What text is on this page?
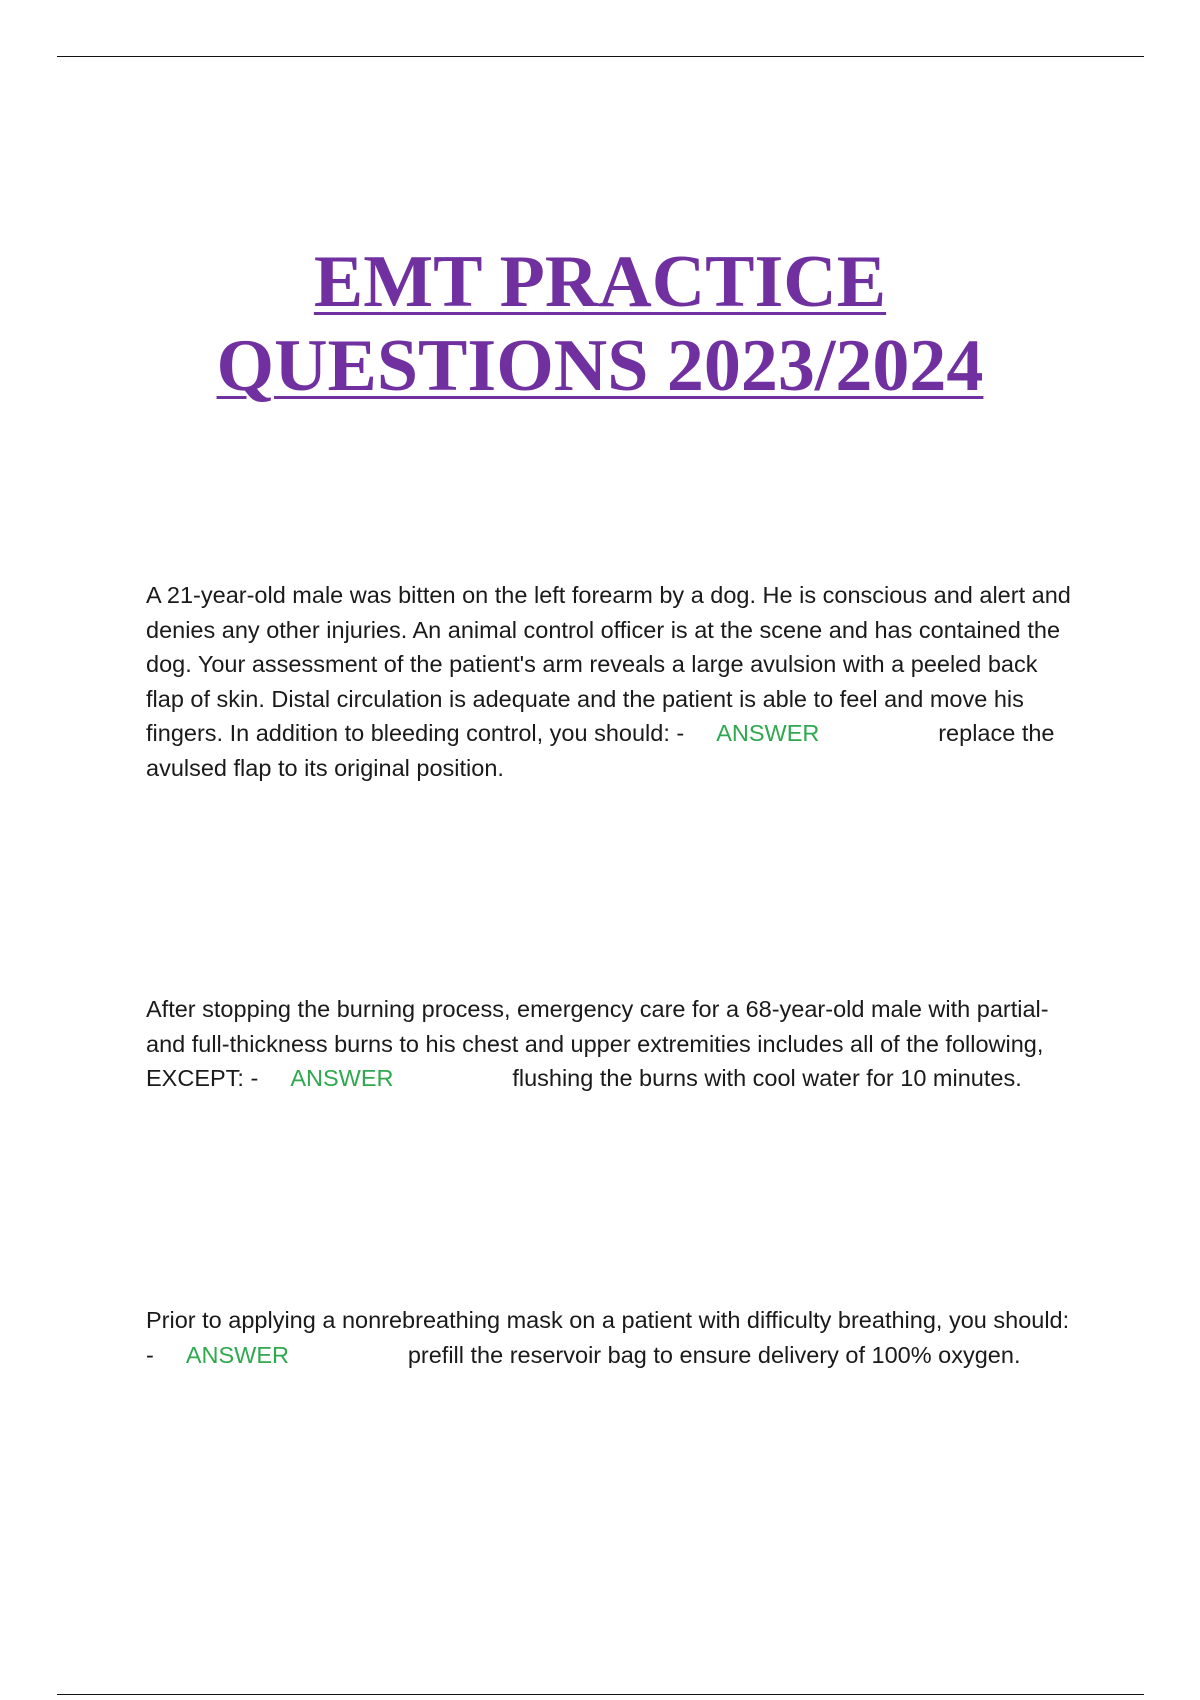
EMT PRACTICE
QUESTIONS 2023/2024

A 21-year-old male was bitten on the left forearm by a dog. He is conscious and alert and denies any other injuries. An animal control officer is at the scene and has contained the dog. Your assessment of the patient's arm reveals a large avulsion with a peeled back flap of skin. Distal circulation is adequate and the patient is able to feel and move his fingers. In addition to bleeding control, you should: - ANSWER	replace the avulsed flap to its original position.

After stopping the burning process, emergency care for a 68-year-old male with partial- and full-thickness burns to his chest and upper extremities includes all of the following, EXCEPT: - ANSWER	flushing the burns with cool water for 10 minutes.

Prior to applying a nonrebreathing mask on a patient with difficulty breathing, you should: - ANSWER	prefill the reservoir bag to ensure delivery of 100% oxygen.
